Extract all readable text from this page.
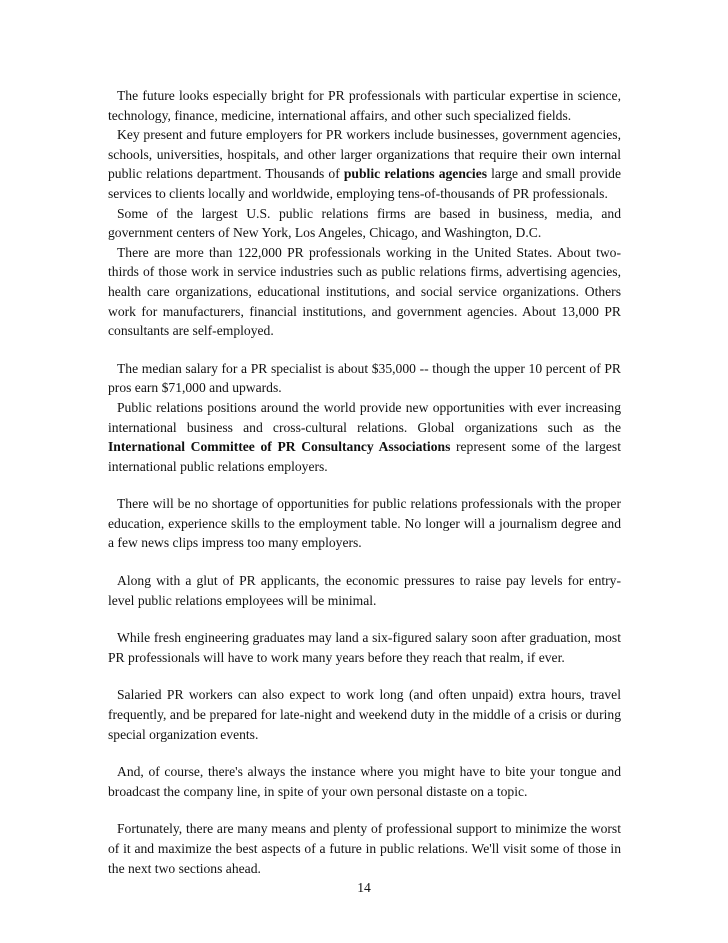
The future looks especially bright for PR professionals with particular expertise in science, technology, finance, medicine, international affairs, and other such specialized fields.

Key present and future employers for PR workers include businesses, government agencies, schools, universities, hospitals, and other larger organizations that require their own internal public relations department. Thousands of public relations agencies large and small provide services to clients locally and worldwide, employing tens-of-thousands of PR professionals.

Some of the largest U.S. public relations firms are based in business, media, and government centers of New York, Los Angeles, Chicago, and Washington, D.C.

There are more than 122,000 PR professionals working in the United States. About two-thirds of those work in service industries such as public relations firms, advertising agencies, health care organizations, educational institutions, and social service organizations. Others work for manufacturers, financial institutions, and government agencies. About 13,000 PR consultants are self-employed.

The median salary for a PR specialist is about $35,000 -- though the upper 10 percent of PR pros earn $71,000 and upwards.

Public relations positions around the world provide new opportunities with ever increasing international business and cross-cultural relations. Global organizations such as the International Committee of PR Consultancy Associations represent some of the largest international public relations employers.

There will be no shortage of opportunities for public relations professionals with the proper education, experience skills to the employment table. No longer will a journalism degree and a few news clips impress too many employers.

Along with a glut of PR applicants, the economic pressures to raise pay levels for entry-level public relations employees will be minimal.

While fresh engineering graduates may land a six-figured salary soon after graduation, most PR professionals will have to work many years before they reach that realm, if ever.

Salaried PR workers can also expect to work long (and often unpaid) extra hours, travel frequently, and be prepared for late-night and weekend duty in the middle of a crisis or during special organization events.

And, of course, there's always the instance where you might have to bite your tongue and broadcast the company line, in spite of your own personal distaste on a topic.

Fortunately, there are many means and plenty of professional support to minimize the worst of it and maximize the best aspects of a future in public relations. We'll visit some of those in the next two sections ahead.

14
